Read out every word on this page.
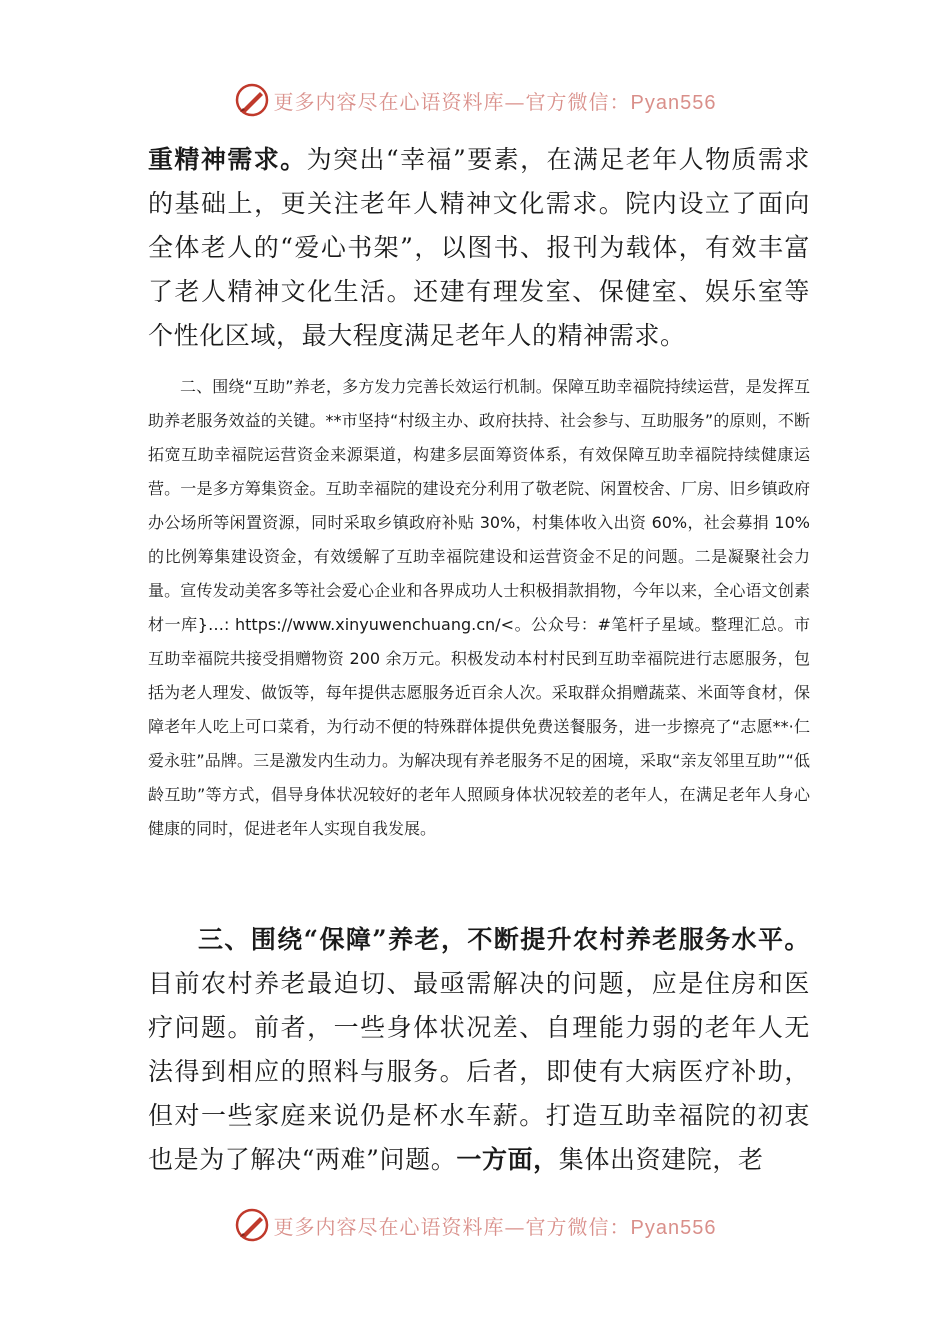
更多内容尽在心语资料库—官方微信：Pyan556

重精神需求。为突出“幸福”要素，在满足老年人物质需求的基础上，更关注老年人精神文化需求。院内设立了面向全体老人的“爱心书架”，以图书、报刊为载体，有效丰富了老人精神文化生活。还建有理发室、保健室、娱乐室等个性化区域，最大程度满足老年人的精神需求。

二、围绕“互助”养老，多方发力完善长效运行机制。保障互助幸福院持续运营，是发挥互助养老服务效益的关键。**市坚持“村级主办、政府扶持、社会参与、互助服务”的原则，不断拓宽互助幸福院运营资金来源渠道，构建多层面筹资体系，有效保障互助幸福院持续健康运营。一是多方筹集资金。互助幸福院的建设充分利用了敬老院、闲置校舍、厂房、旧乡镇政府办公场所等闲置资源，同时采取乡镇政府补贴 30%，村集体收入出资 60%，社会募捐 10%的比例筹集建设资金，有效缓解了互助幸福院建设和运营资金不足的问题。二是凝聚社会力量。宣传发动美客多等社会爱心企业和各界成功人士积极捐款捐物，今年以来，全心语文创素材一库}…: https://www.xinyuwenchuang.cn/<。公众号：#笔杆子星域。整理汇总。市互助幸福院共接受捐赠物资 200 余万元。积极发动本村村民到互助幸福院进行志愿服务，包括为老人理发、做饭等，每年提供志愿服务近百余人次。采取群众捐赠蔬菜、米面等食材，保障老年人吃上可口菜肴，为行动不便的特殊群体提供免费送餐服务，进一步擦亮了“志愿**·仁爱永驻”品牌。三是激发内生动力。为解决现有养老服务不足的困境，采取“亲友邻里互助”“低龄互助”等方式，倡导身体状况较好的老年人照顾身体状况较差的老年人，在满足老年人身心健康的同时，促进老年人实现自我发展。

三、围绕“保障”养老，不断提升农村养老服务水平。目前农村养老最迫切、最亟需解决的问题，应是住房和医疗问题。前者，一些身体状况差、自理能力弱的老年人无法得到相应的照料与服务。后者，即使有大病医疗补助，但对一些家庭来说仍是杯水车薪。打造互助幸福院的初衷也是为了解决“两难”问题。一方面，集体出资建院，老

更多内容尽在心语资料库—官方微信：Pyan556
